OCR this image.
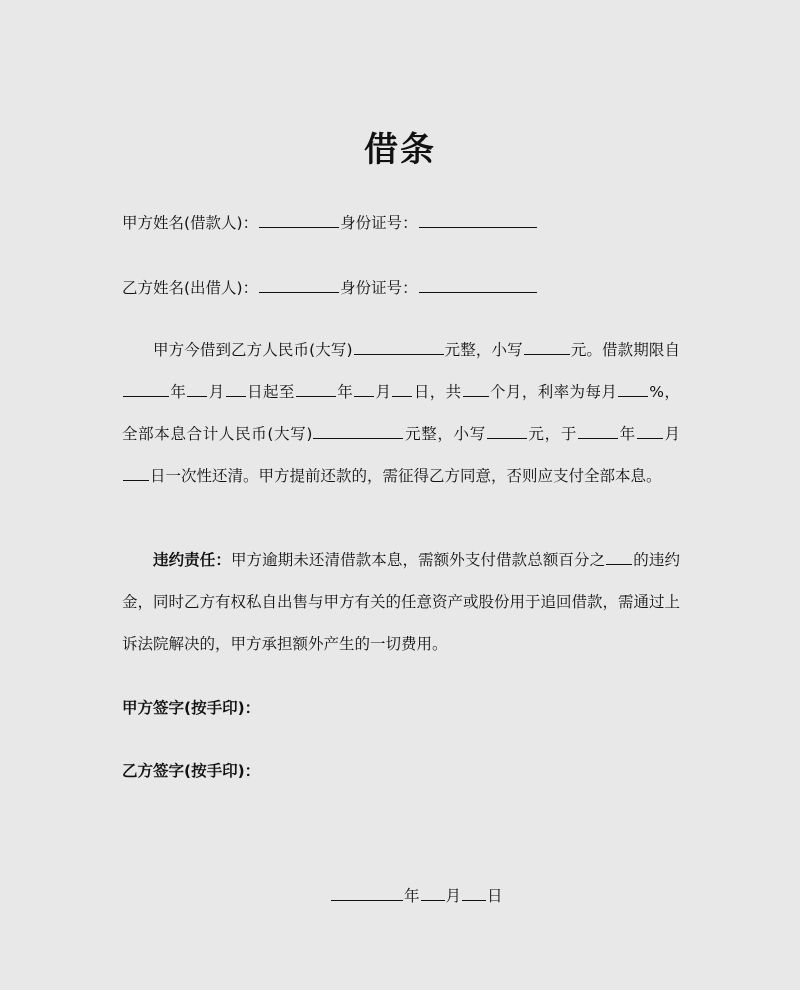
借条
甲方姓名(借款人)：	身份证号：
乙方姓名(出借人)：	身份证号：
甲方今借到乙方人民币(大写)	元整，小写	元。借款期限自年 月 日起至	年 月 日，共 个月，利率为每月 %，全部本息合计人民币(大写)	元整，小写	元，于	年 月日一次性还清。甲方提前还款的，需征得乙方同意，否则应支付全部本息。
违约责任：甲方逾期未还清借款本息，需额外支付借款总额百分之 的违约金，同时乙方有权私自出售与甲方有关的任意资产或股份用于追回借款，需通过上诉法院解决的，甲方承担额外产生的一切费用。
甲方签字(按手印)：
乙方签字(按手印)：
年 月 日
